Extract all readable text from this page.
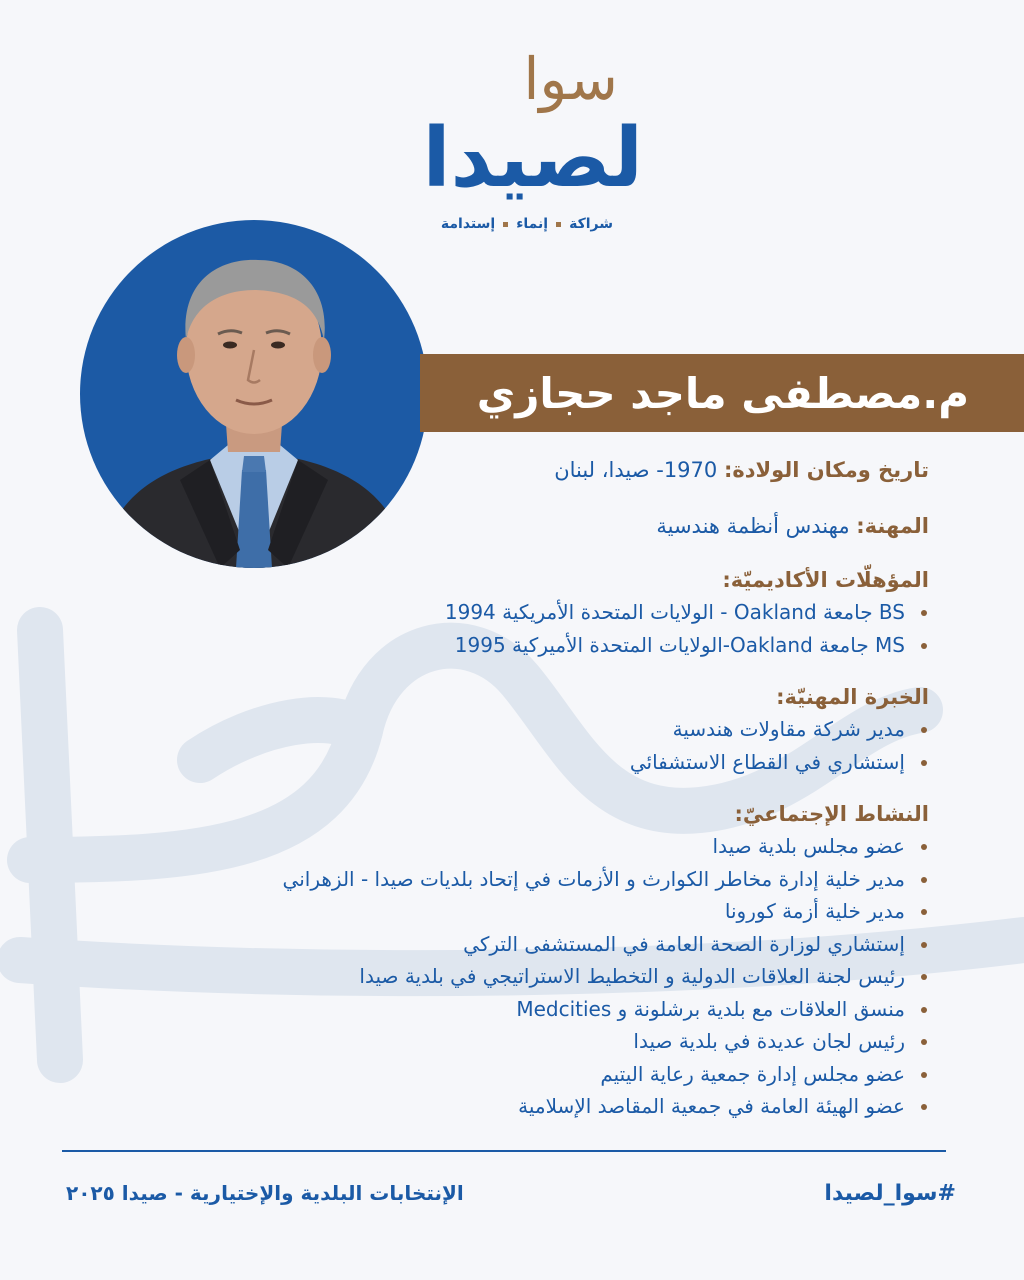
سوا
لصيدا
شراكة
إنماء
إستدامة
م.مصطفى ماجد حجازي
تاريخ ومكان الولادة: 1970- صيدا، لبنان
المهنة: مهندس أنظمة هندسية
المؤهلّات الأكاديميّة:
BS جامعة Oakland - الولايات المتحدة الأمريكية 1994
MS جامعة Oakland-الولايات المتحدة الأميركية 1995
الخبرة المهنيّة:
مدير شركة مقاولات هندسية
إستشاري في القطاع الاستشفائي
النشاط الإجتماعيّ:
عضو مجلس بلدية صيدا
مدير خلية إدارة مخاطر الكوارث و الأزمات في إتحاد بلديات صيدا - الزهراني
مدير خلية أزمة كورونا
إستشاري لوزارة الصحة العامة في المستشفى التركي
رئيس لجنة العلاقات الدولية و التخطيط الاستراتيجي في بلدية صيدا
منسق العلاقات مع بلدية برشلونة و Medcities
رئيس لجان عديدة في بلدية صيدا
عضو مجلس إدارة جمعية رعاية اليتيم
عضو الهيئة العامة في جمعية المقاصد الإسلامية
الإنتخابات البلدية والإختيارية - صيدا ٢٠٢٥	#سوا_لصيدا
